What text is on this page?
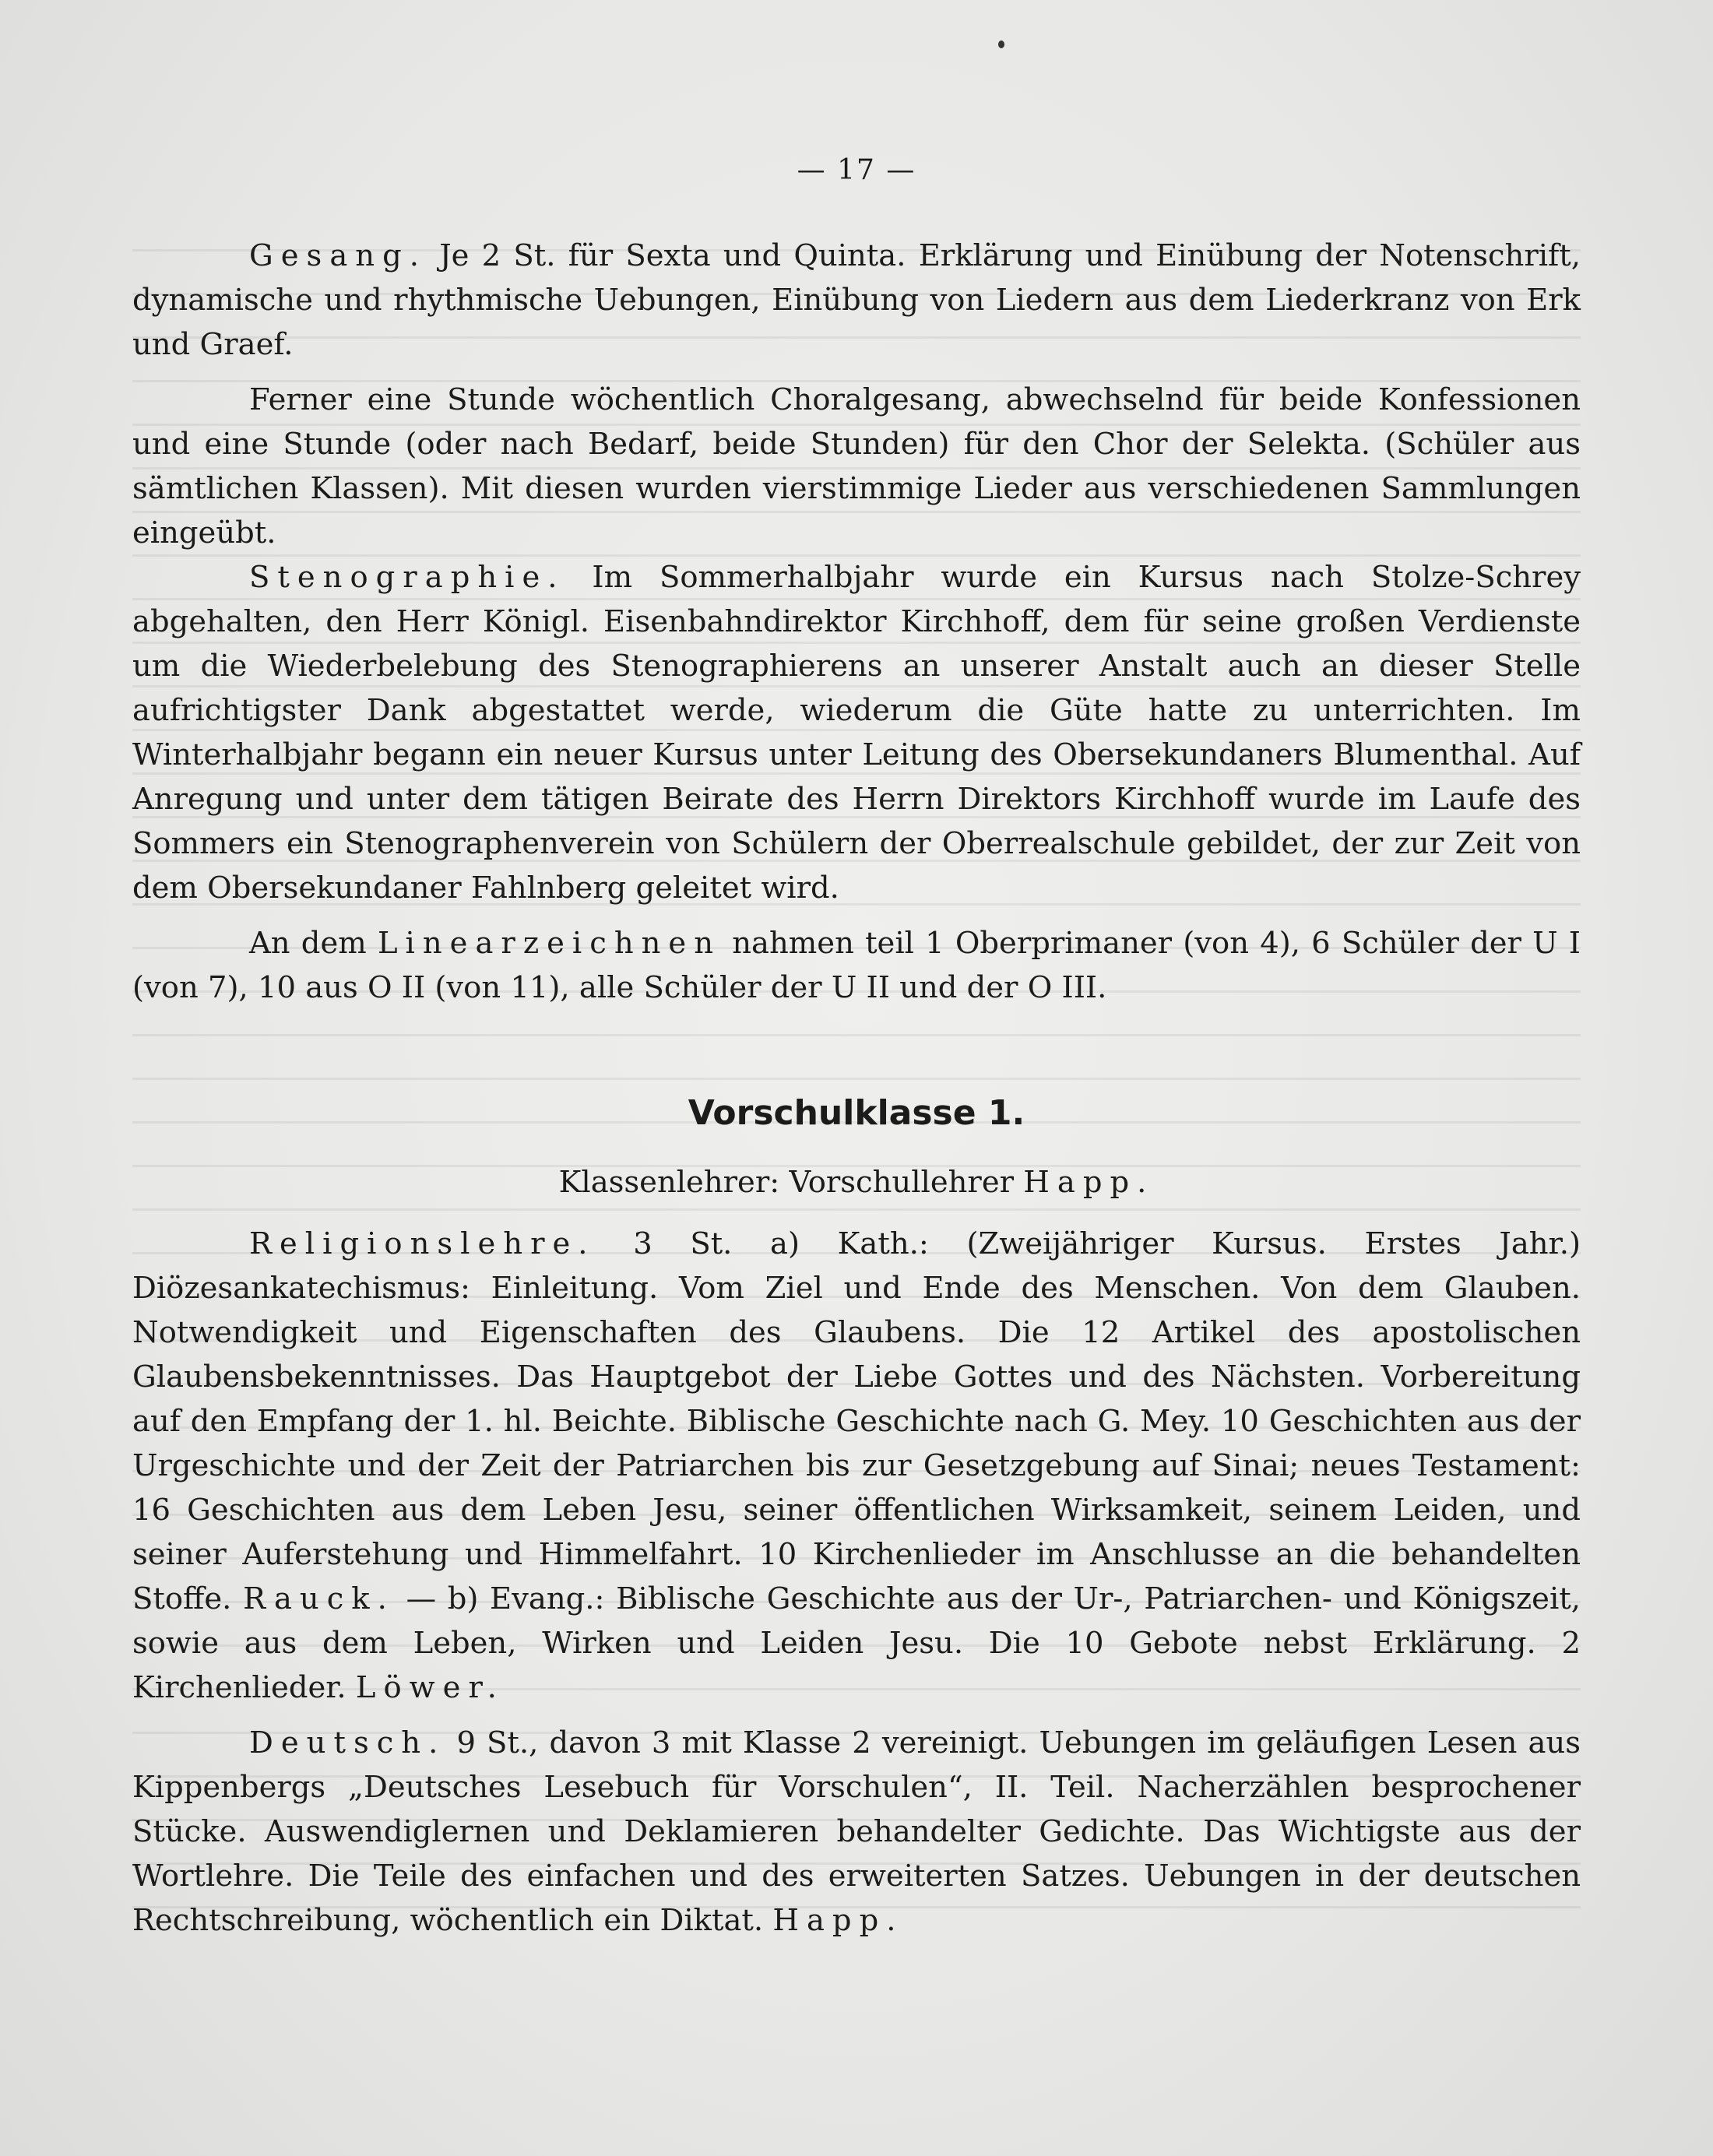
— 17 —

Gesang. Je 2 St. für Sexta und Quinta. Erklärung und Einübung der Notenschrift, dynamische und rhythmische Uebungen, Einübung von Liedern aus dem Liederkranz von Erk und Graef.

Ferner eine Stunde wöchentlich Choralgesang, abwechselnd für beide Konfessionen und eine Stunde (oder nach Bedarf, beide Stunden) für den Chor der Selekta. (Schüler aus sämtlichen Klassen). Mit diesen wurden vierstimmige Lieder aus verschiedenen Sammlungen eingeübt.

Stenographie. Im Sommerhalbjahr wurde ein Kursus nach Stolze-Schrey abgehalten, den Herr Königl. Eisenbahndirektor Kirchhoff, dem für seine großen Verdienste um die Wiederbelebung des Stenographierens an unserer Anstalt auch an dieser Stelle aufrichtigster Dank abgestattet werde, wiederum die Güte hatte zu unterrichten. Im Winterhalbjahr begann ein neuer Kursus unter Leitung des Obersekundaners Blumenthal. Auf Anregung und unter dem tätigen Beirate des Herrn Direktors Kirchhoff wurde im Laufe des Sommers ein Stenographenverein von Schülern der Oberrealschule gebildet, der zur Zeit von dem Obersekundaner Fahlnberg geleitet wird.

An dem Linearzeichnen nahmen teil 1 Oberprimaner (von 4), 6 Schüler der U I (von 7), 10 aus O II (von 11), alle Schüler der U II und der O III.

Vorschulklasse 1.
Klassenlehrer: Vorschullehrer Happ.

Religionslehre. 3 St. a) Kath.: (Zweijähriger Kursus. Erstes Jahr.) Diözesankatechismus: Einleitung. Vom Ziel und Ende des Menschen. Von dem Glauben. Notwendigkeit und Eigenschaften des Glaubens. Die 12 Artikel des apostolischen Glaubensbekenntnisses. Das Hauptgebot der Liebe Gottes und des Nächsten. Vorbereitung auf den Empfang der 1. hl. Beichte. Biblische Geschichte nach G. Mey. 10 Geschichten aus der Urgeschichte und der Zeit der Patriarchen bis zur Gesetzgebung auf Sinai; neues Testament: 16 Geschichten aus dem Leben Jesu, seiner öffentlichen Wirksamkeit, seinem Leiden, und seiner Auferstehung und Himmelfahrt. 10 Kirchenlieder im Anschlusse an die behandelten Stoffe. Rauck. — b) Evang.: Biblische Geschichte aus der Ur-, Patriarchen- und Königszeit, sowie aus dem Leben, Wirken und Leiden Jesu. Die 10 Gebote nebst Erklärung. 2 Kirchenlieder. Löwer.

Deutsch. 9 St., davon 3 mit Klasse 2 vereinigt. Uebungen im geläufigen Lesen aus Kippenbergs „Deutsches Lesebuch für Vorschulen“, II. Teil. Nacherzählen besprochener Stücke. Auswendiglernen und Deklamieren behandelter Gedichte. Das Wichtigste aus der Wortlehre. Die Teile des einfachen und des erweiterten Satzes. Uebungen in der deutschen Rechtschreibung, wöchentlich ein Diktat. Happ.
